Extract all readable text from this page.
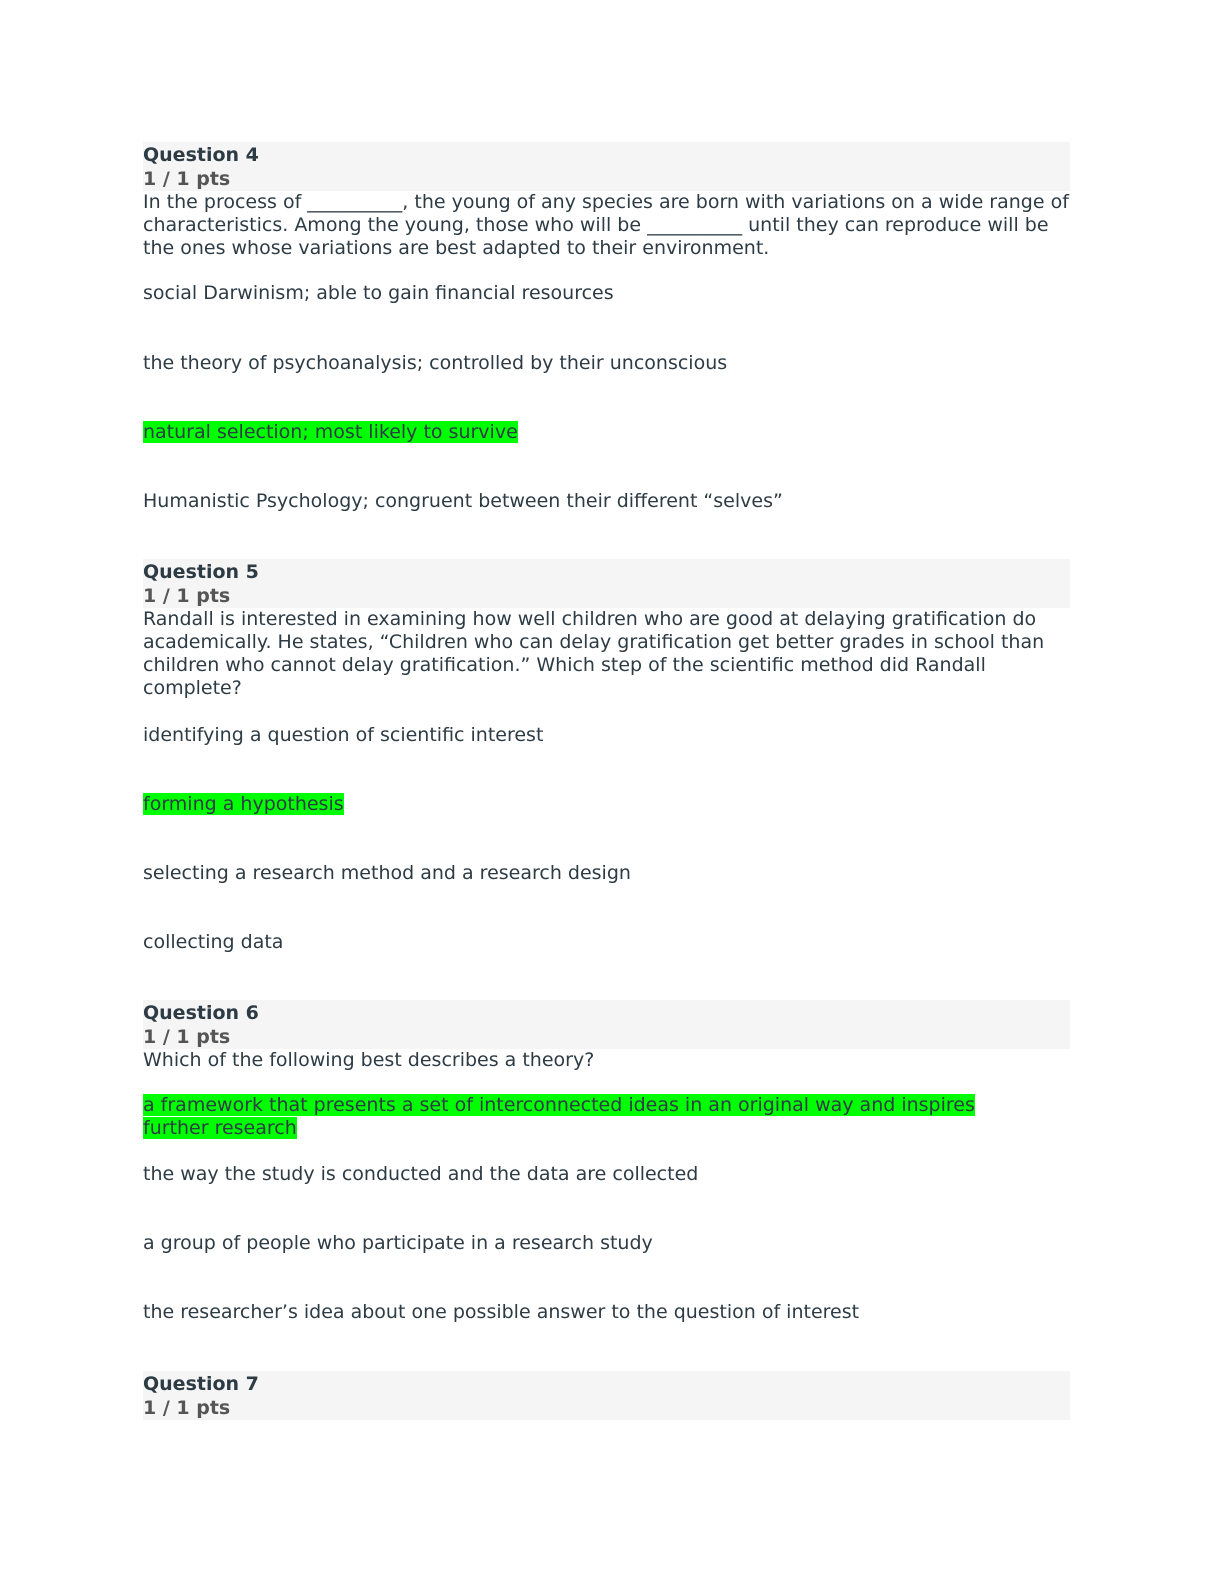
Question 4
1 / 1 pts

In the process of __________, the young of any species are born with variations on a wide range of characteristics. Among the young, those who will be __________ until they can reproduce will be the ones whose variations are best adapted to their environment.

social Darwinism; able to gain financial resources

the theory of psychoanalysis; controlled by their unconscious

natural selection; most likely to survive

Humanistic Psychology; congruent between their different “selves”

Question 5
1 / 1 pts

Randall is interested in examining how well children who are good at delaying gratification do academically. He states, “Children who can delay gratification get better grades in school than children who cannot delay gratification.” Which step of the scientific method did Randall complete?

identifying a question of scientific interest

forming a hypothesis

selecting a research method and a research design

collecting data

Question 6
1 / 1 pts

Which of the following best describes a theory?

a framework that presents a set of interconnected ideas in an original way and inspires further research

the way the study is conducted and the data are collected

a group of people who participate in a research study

the researcher’s idea about one possible answer to the question of interest

Question 7
1 / 1 pts
